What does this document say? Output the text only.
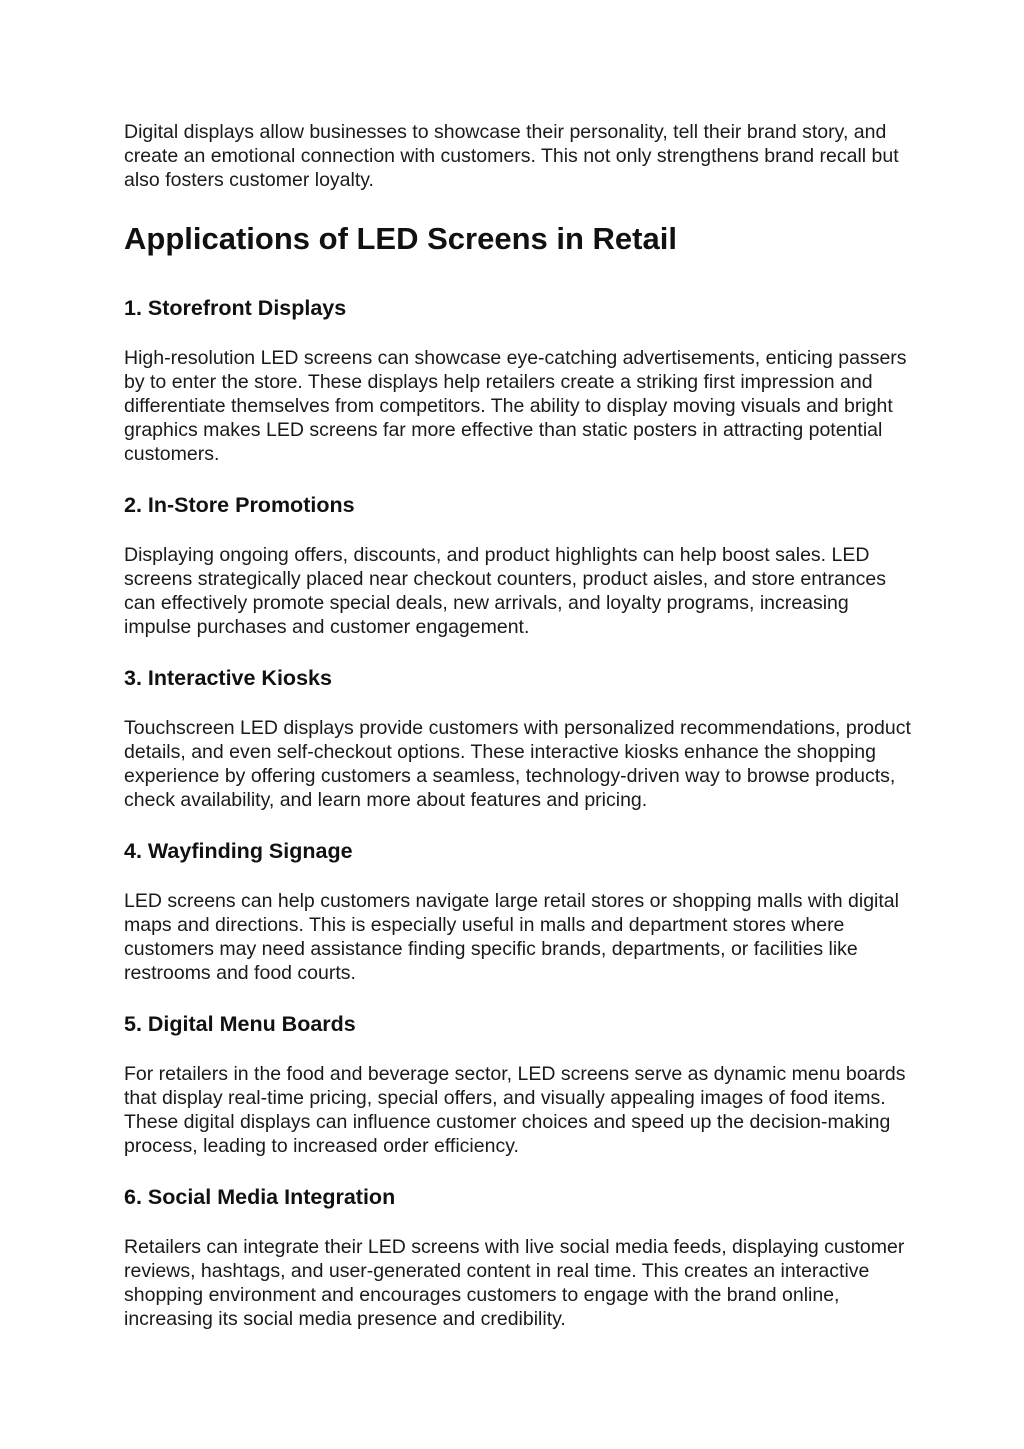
Digital displays allow businesses to showcase their personality, tell their brand story, and create an emotional connection with customers. This not only strengthens brand recall but also fosters customer loyalty.

Applications of LED Screens in Retail
1. Storefront Displays

High-resolution LED screens can showcase eye-catching advertisements, enticing passers by to enter the store. These displays help retailers create a striking first impression and differentiate themselves from competitors. The ability to display moving visuals and bright graphics makes LED screens far more effective than static posters in attracting potential customers.

2. In-Store Promotions

Displaying ongoing offers, discounts, and product highlights can help boost sales. LED screens strategically placed near checkout counters, product aisles, and store entrances can effectively promote special deals, new arrivals, and loyalty programs, increasing impulse purchases and customer engagement.

3. Interactive Kiosks

Touchscreen LED displays provide customers with personalized recommendations, product details, and even self-checkout options. These interactive kiosks enhance the shopping experience by offering customers a seamless, technology-driven way to browse products, check availability, and learn more about features and pricing.

4. Wayfinding Signage

LED screens can help customers navigate large retail stores or shopping malls with digital maps and directions. This is especially useful in malls and department stores where customers may need assistance finding specific brands, departments, or facilities like restrooms and food courts.

5. Digital Menu Boards

For retailers in the food and beverage sector, LED screens serve as dynamic menu boards that display real-time pricing, special offers, and visually appealing images of food items. These digital displays can influence customer choices and speed up the decision-making process, leading to increased order efficiency.

6. Social Media Integration

Retailers can integrate their LED screens with live social media feeds, displaying customer reviews, hashtags, and user-generated content in real time. This creates an interactive shopping environment and encourages customers to engage with the brand online, increasing its social media presence and credibility.
